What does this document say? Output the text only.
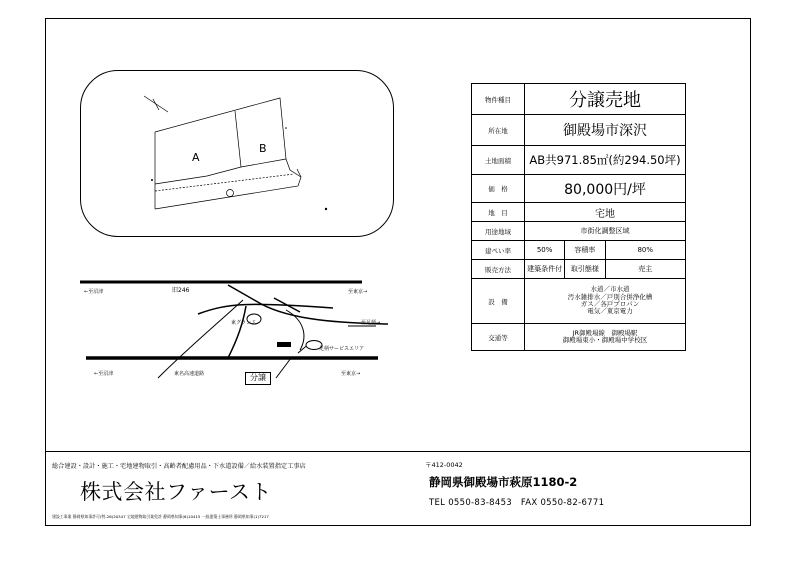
A
B
←至沼津	旧246	至東京→
東グランド	至足柄→
足柄サービスエリア
←至沼津	東名高速道路	至東京→
分譲
物件種目	分譲売地		
所在地	御殿場市深沢		
土地面積	AB共971.85㎡(約294.50坪)		
価　格	80,000円/坪		
地　目	宅地		
用途地域	市街化調整区域		
建ぺい率	50%	容積率	80%
販売方法	建築条件付	取引態様	売主
設　備	水道／市水道
汚水雑排水／戸別合併浄化槽
ガス／各戸プロパン
電気／東京電力		

交通等	JR御殿場線　御殿場駅
御殿場東小・御殿場中学校区		
総合建設・設計・施工・宅地建物取引・高齢者配慮用品・下水道設備／給水装置指定工事店
株式会社ファースト
建設工事業 静岡県知事許可(特-26)20347 宅地建物取引業免許 静岡県知事(6)10415 一級建築士事務所 静岡県知事(1)7217
〒412-0042
静岡県御殿場市萩原1180-2
TEL 0550-83-8453　FAX 0550-82-6771
